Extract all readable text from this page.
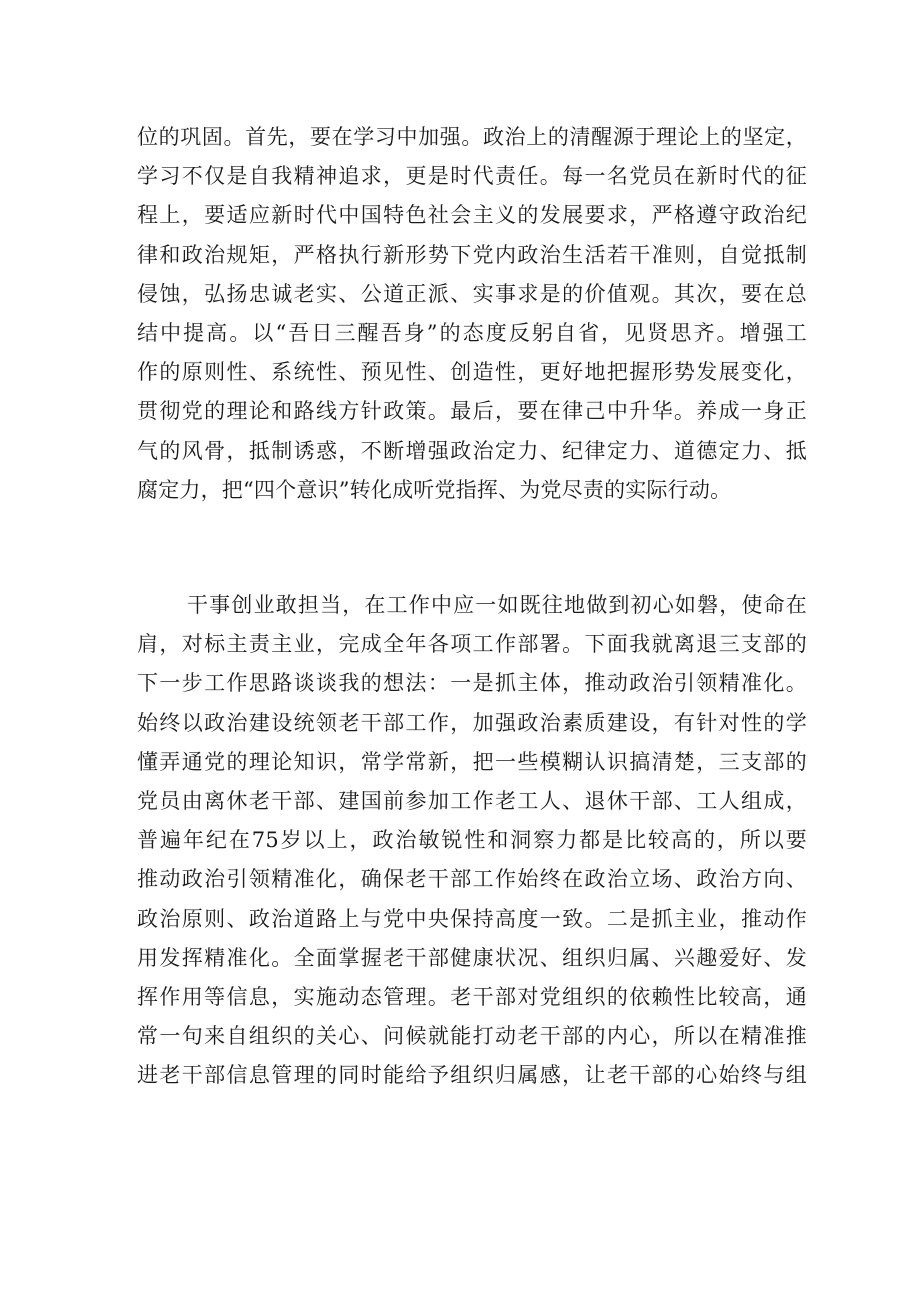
位的巩固。首先，要在学习中加强。政治上的清醒源于理论上的坚定，
学习不仅是自我精神追求，更是时代责任。每一名党员在新时代的征
程上，要适应新时代中国特色社会主义的发展要求，严格遵守政治纪
律和政治规矩，严格执行新形势下党内政治生活若干准则，自觉抵制
侵蚀，弘扬忠诚老实、公道正派、实事求是的价值观。其次，要在总
结中提高。以“吾日三醒吾身”的态度反躬自省，见贤思齐。增强工
作的原则性、系统性、预见性、创造性，更好地把握形势发展变化，
贯彻党的理论和路线方针政策。最后，要在律己中升华。养成一身正
气的风骨，抵制诱惑，不断增强政治定力、纪律定力、道德定力、抵
腐定力，把“四个意识”转化成听党指挥、为党尽责的实际行动。
干事创业敢担当，在工作中应一如既往地做到初心如磐，使命在
肩，对标主责主业，完成全年各项工作部署。下面我就离退三支部的
下一步工作思路谈谈我的想法：一是抓主体，推动政治引领精准化。
始终以政治建设统领老干部工作，加强政治素质建设，有针对性的学
懂弄通党的理论知识，常学常新，把一些模糊认识搞清楚，三支部的
党员由离休老干部、建国前参加工作老工人、退休干部、工人组成，
普遍年纪在75岁以上，政治敏锐性和洞察力都是比较高的，所以要
推动政治引领精准化，确保老干部工作始终在政治立场、政治方向、
政治原则、政治道路上与党中央保持高度一致。二是抓主业，推动作
用发挥精准化。全面掌握老干部健康状况、组织归属、兴趣爱好、发
挥作用等信息，实施动态管理。老干部对党组织的依赖性比较高，通
常一句来自组织的关心、问候就能打动老干部的内心，所以在精准推
进老干部信息管理的同时能给予组织归属感，让老干部的心始终与组
